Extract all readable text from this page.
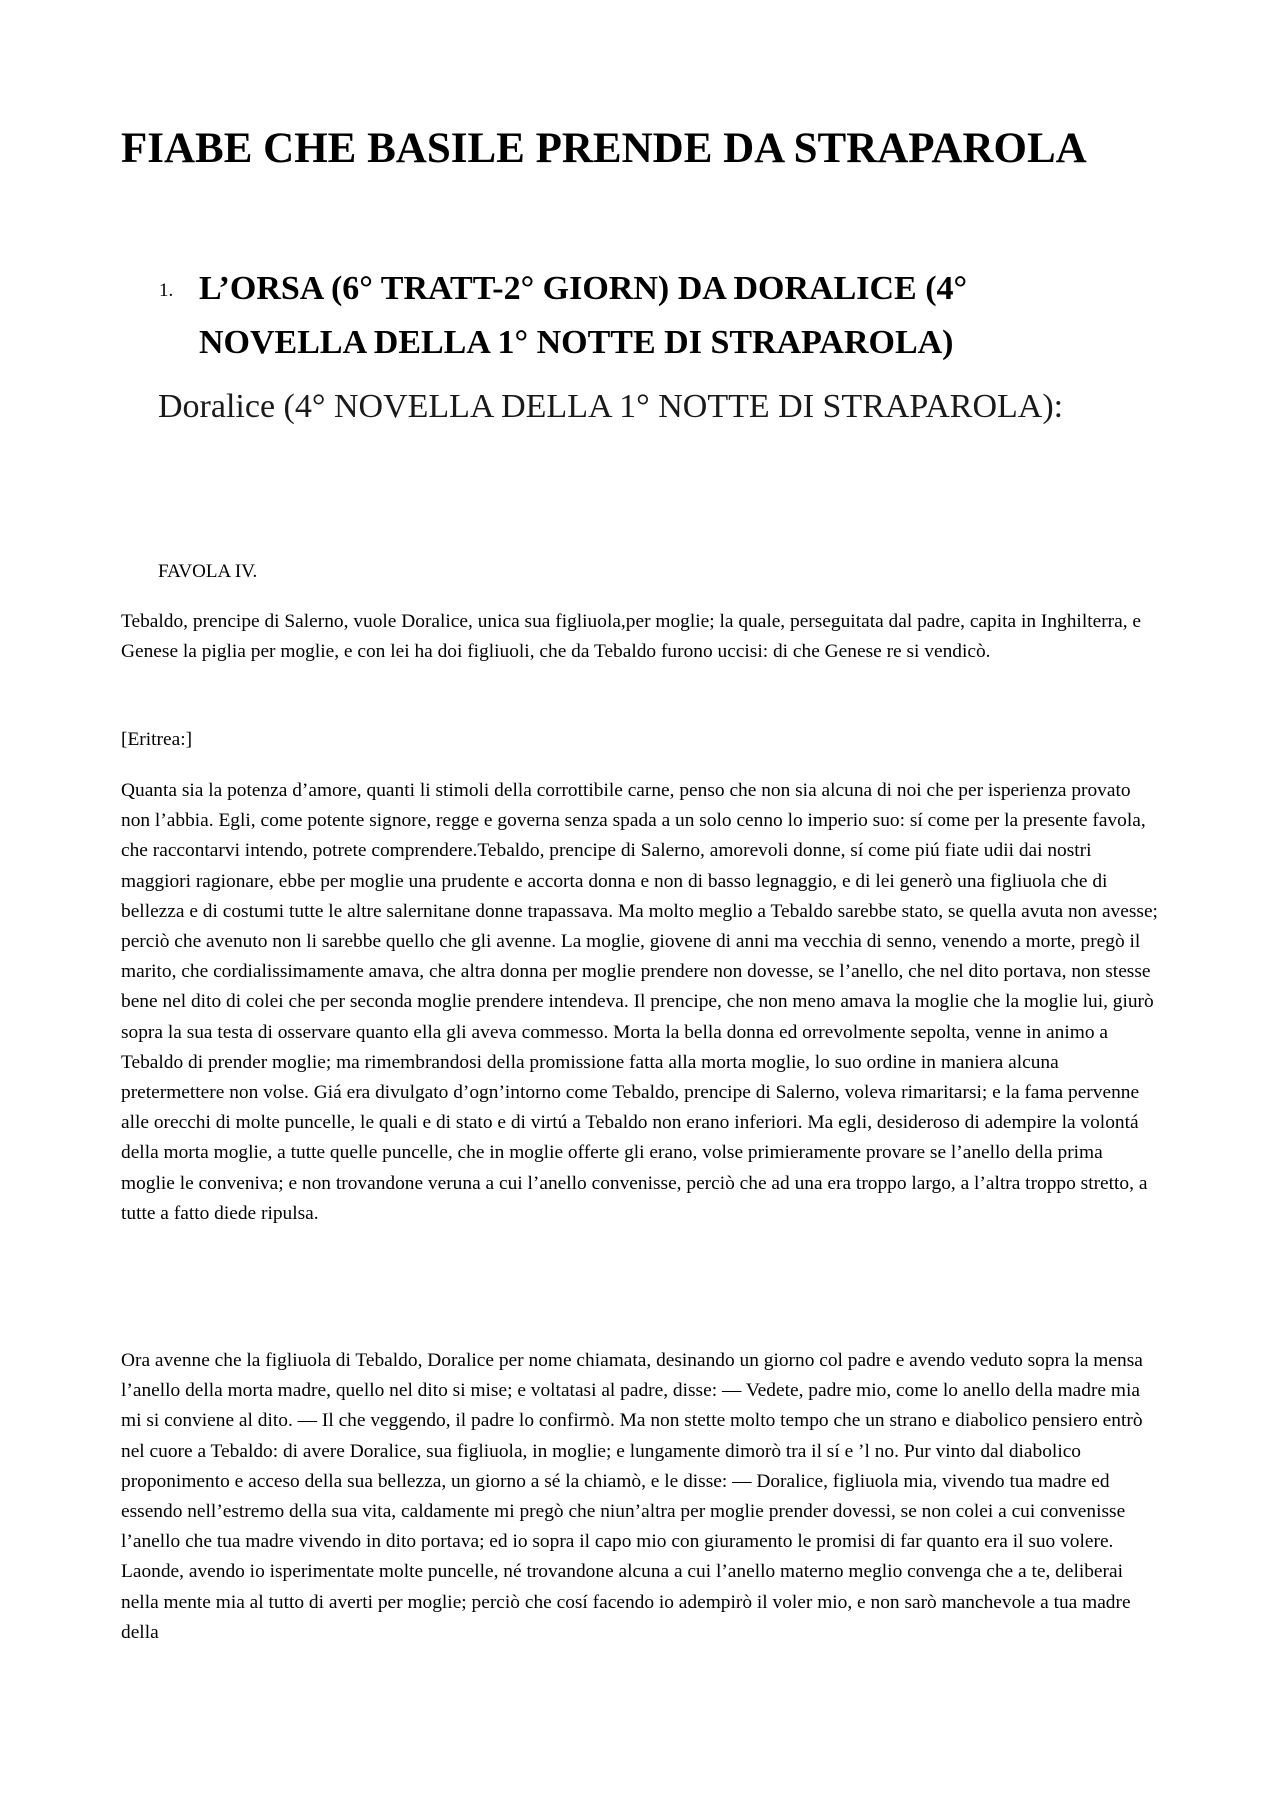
FIABE CHE BASILE PRENDE DA STRAPAROLA
1. L’ORSA (6° TRATT-2° GIORN) DA DORALICE (4° NOVELLA DELLA 1° NOTTE DI STRAPAROLA)
Doralice (4° NOVELLA DELLA 1° NOTTE DI STRAPAROLA):

FAVOLA IV.

Tebaldo, prencipe di Salerno, vuole Doralice, unica sua figliuola,per moglie; la quale, perseguitata dal padre, capita in Inghilterra, e Genese la piglia per moglie, e con lei ha doi figliuoli, che da Tebaldo furono uccisi: di che Genese re si vendicò.

[Eritrea:]

Quanta sia la potenza d’amore, quanti li stimoli della corrottibile carne, penso che non sia alcuna di noi che per isperienza provato non l’abbia. Egli, come potente signore, regge e governa senza spada a un solo cenno lo imperio suo: sí come per la presente favola, che raccontarvi intendo, potrete comprendere.Tebaldo, prencipe di Salerno, amorevoli donne, sí come piú fiate udii dai nostri maggiori ragionare, ebbe per moglie una prudente e accorta donna e non di basso legnaggio, e di lei generò una figliuola che di bellezza e di costumi tutte le altre salernitane donne trapassava. Ma molto meglio a Tebaldo sarebbe stato, se quella avuta non avesse; perciò che avenuto non li sarebbe quello che gli avenne. La moglie, giovene di anni ma vecchia di senno, venendo a morte, pregò il marito, che cordialissimamente amava, che altra donna per moglie prendere non dovesse, se l’anello, che nel dito portava, non stesse bene nel dito di colei che per seconda moglie prendere intendeva. Il prencipe, che non meno amava la moglie che la moglie lui, giurò sopra la sua testa di osservare quanto ella gli aveva commesso. Morta la bella donna ed orrevolmente sepolta, venne in animo a Tebaldo di prender moglie; ma rimembrandosi della promissione fatta alla morta moglie, lo suo ordine in maniera alcuna pretermettere non volse. Giá era divulgato d’ogn’intorno come Tebaldo, prencipe di Salerno, voleva rimaritarsi; e la fama pervenne alle orecchi di molte puncelle, le quali e di stato e di virtú a Tebaldo non erano inferiori. Ma egli, desideroso di adempire la volontá della morta moglie, a tutte quelle puncelle, che in moglie offerte gli erano, volse primieramente provare se l’anello della prima moglie le conveniva; e non trovandone veruna a cui l’anello convenisse, perciò che ad una era troppo largo, a l’altra troppo stretto, a tutte a fatto diede ripulsa.

Ora avenne che la figliuola di Tebaldo, Doralice per nome chiamata, desinando un giorno col padre e avendo veduto sopra la mensa l’anello della morta madre, quello nel dito si mise; e voltatasi al padre, disse: — Vedete, padre mio, come lo anello della madre mia mi si conviene al dito. — Il che veggendo, il padre lo confirmò. Ma non stette molto tempo che un strano e diabolico pensiero entrò nel cuore a Tebaldo: di avere Doralice, sua figliuola, in moglie; e lungamente dimorò tra il sí e ’l no. Pur vinto dal diabolico proponimento e acceso della sua bellezza, un giorno a sé la chiamò, e le disse: — Doralice, figliuola mia, vivendo tua madre ed essendo nell’estremo della sua vita, caldamente mi pregò che niun’altra per moglie prender dovessi, se non colei a cui convenisse l’anello che tua madre vivendo in dito portava; ed io sopra il capo mio con giuramento le promisi di far quanto era il suo volere. Laonde, avendo io isperimentate molte puncelle, né trovandone alcuna a cui l’anello materno meglio convenga che a te, deliberai nella mente mia al tutto di averti per moglie; perciò che cosí facendo io adempirò il voler mio, e non sarò manchevole a tua madre della
